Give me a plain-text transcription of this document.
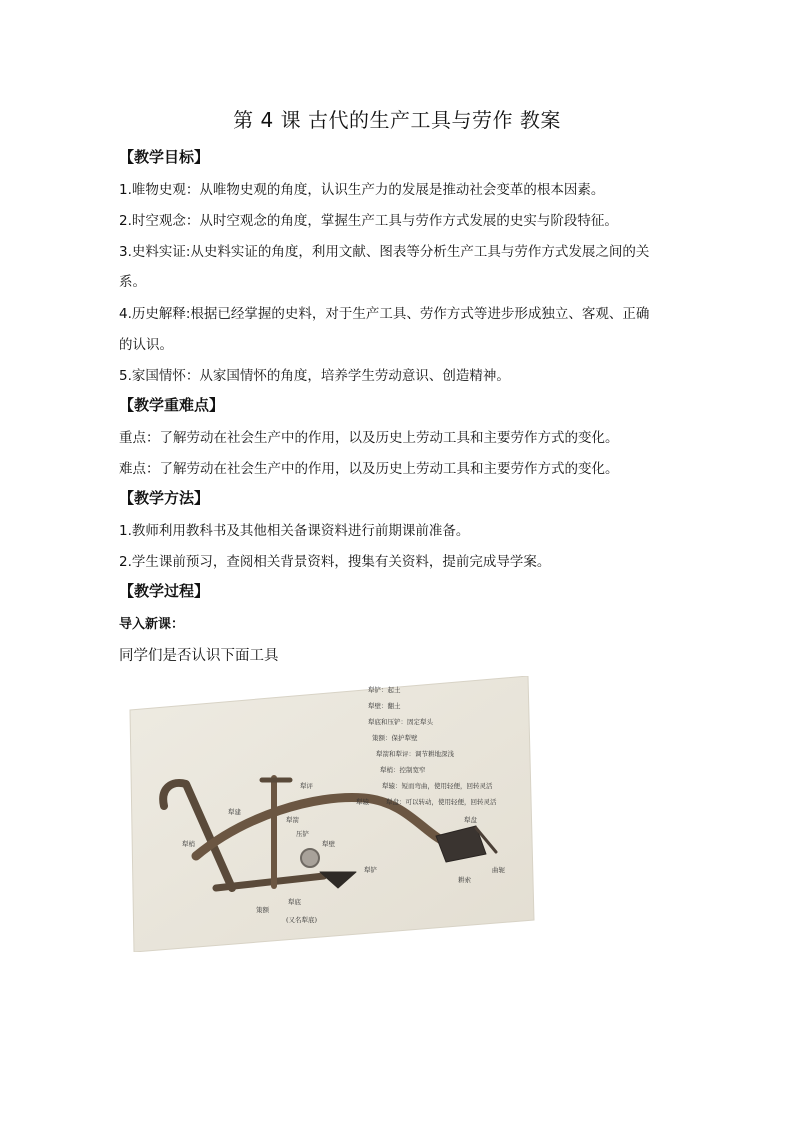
第 4 课 古代的生产工具与劳作 教案
【教学目标】
1.唯物史观：从唯物史观的角度，认识生产力的发展是推动社会变革的根本因素。
2.时空观念：从时空观念的角度，掌握生产工具与劳作方式发展的史实与阶段特征。
3.史料实证:从史料实证的角度，利用文献、图表等分析生产工具与劳作方式发展之间的关
系。
4.历史解释:根据已经掌握的史料，对于生产工具、劳作方式等进步形成独立、客观、正确
的认识。
5.家国情怀：从家国情怀的角度，培养学生劳动意识、创造精神。
【教学重难点】
重点：了解劳动在社会生产中的作用，以及历史上劳动工具和主要劳作方式的变化。
难点：了解劳动在社会生产中的作用，以及历史上劳动工具和主要劳作方式的变化。
【教学方法】
1.教师利用教科书及其他相关备课资料进行前期课前准备。
2.学生课前预习，查阅相关背景资料，搜集有关资料，提前完成导学案。
【教学过程】
导入新课：
同学们是否认识下面工具
犁铲：起土
犁壁：翻土
犁底和压铲：固定犁头
策额：保护犁壁
犁箭和犁评：调节耕地深浅
犁梢：控制宽窄
犁辕：短而弯曲，使用轻便，回转灵活
犁盘：可以转动，使用轻便，回转灵活
犁评
犁建
犁箭
压铲
犁辕
犁盘
犁梢	犁壁
犁铲
策额
犁底
(又名犁底)
耕索
曲轭
